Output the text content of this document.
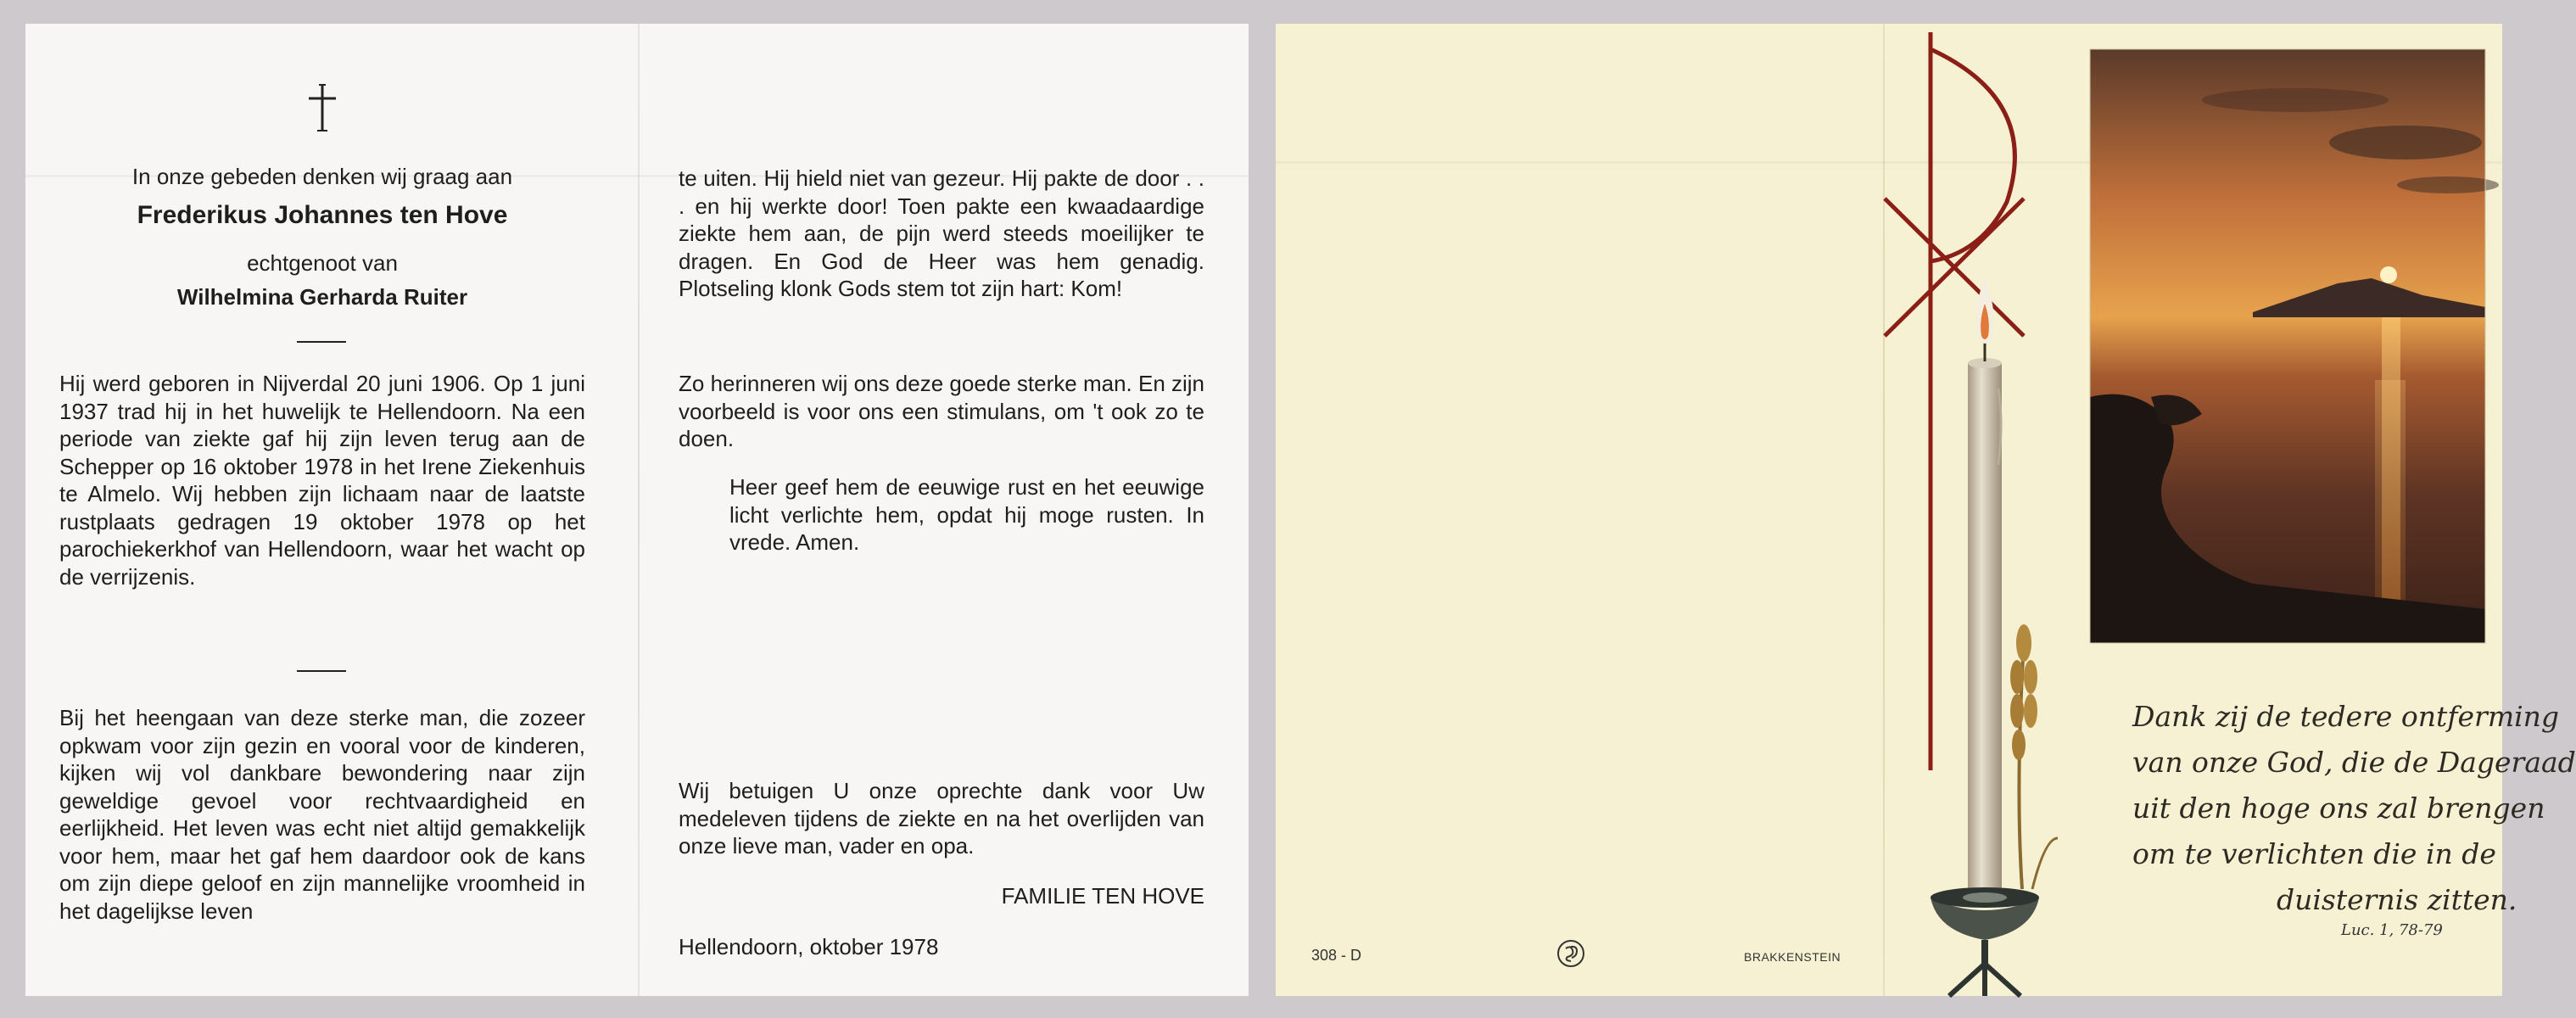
In onze gebeden denken wij graag aan

Frederikus Johannes ten Hove

echtgenoot van

Wilhelmina Gerharda Ruiter

Hij werd geboren in Nijverdal 20 juni 1906. Op 1 juni 1937 trad hij in het huwelijk te Hellendoorn. Na een periode van ziekte gaf hij zijn leven terug aan de Schepper op 16 oktober 1978 in het Irene Ziekenhuis te Almelo. Wij hebben zijn lichaam naar de laatste rustplaats gedragen 19 oktober 1978 op het parochiekerkhof van Hellendoorn, waar het wacht op de verrijzenis.

Bij het heengaan van deze sterke man, die zozeer opkwam voor zijn gezin en vooral voor de kinderen, kijken wij vol dankbare bewondering naar zijn geweldige gevoel voor rechtvaardigheid en eerlijkheid. Het leven was echt niet altijd gemakkelijk voor hem, maar het gaf hem daardoor ook de kans om zijn diepe geloof en zijn mannelijke vroomheid in het dagelijkse leven

te uiten. Hij hield niet van gezeur. Hij pakte de door . . . en hij werkte door! Toen pakte een kwaadaardige ziekte hem aan, de pijn werd steeds moeilijker te dragen. En God de Heer was hem genadig. Plotseling klonk Gods stem tot zijn hart: Kom!

Zo herinneren wij ons deze goede sterke man. En zijn voorbeeld is voor ons een stimulans, om 't ook zo te doen.

Heer geef hem de eeuwige rust en het eeuwige licht verlichte hem, opdat hij moge rusten. In vrede. Amen.

Wij betuigen U onze oprechte dank voor Uw medeleven tijdens de ziekte en na het overlijden van onze lieve man, vader en opa.

FAMILIE TEN HOVE

Hellendoorn, oktober 1978	308 - D	BRAKKENSTEIN
Dank zij de tedere ontferming
van onze God, die de Dageraad
uit den hoge ons zal brengen
om te verlichten die in de
duisternis zitten.
Luc. 1, 78-79
